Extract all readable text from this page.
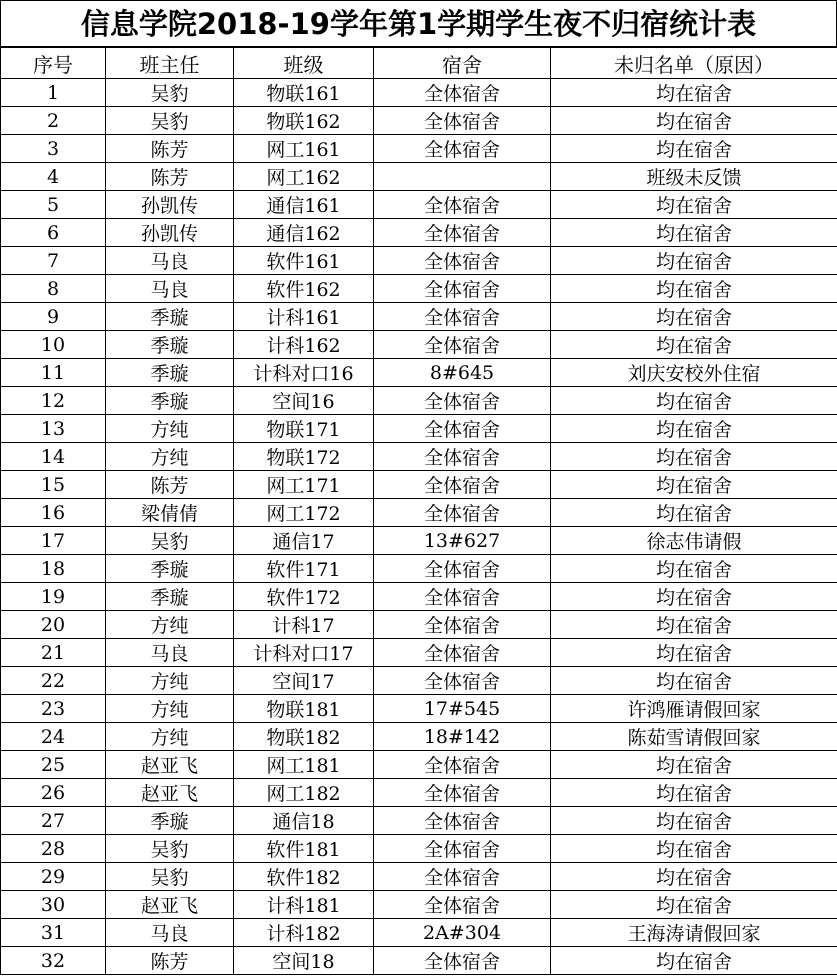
信息学院2018-19学年第1学期学生夜不归宿统计表
序号	班主任	班级	宿舍	未归名单（原因）
1	吴豹	物联161	全体宿舍	均在宿舍
2	吴豹	物联162	全体宿舍	均在宿舍
3	陈芳	网工161	全体宿舍	均在宿舍
4	陈芳	网工162		班级未反馈
5	孙凯传	通信161	全体宿舍	均在宿舍
6	孙凯传	通信162	全体宿舍	均在宿舍
7	马良	软件161	全体宿舍	均在宿舍
8	马良	软件162	全体宿舍	均在宿舍
9	季璇	计科161	全体宿舍	均在宿舍
10	季璇	计科162	全体宿舍	均在宿舍
11	季璇	计科对口16	8#645	刘庆安校外住宿
12	季璇	空间16	全体宿舍	均在宿舍
13	方纯	物联171	全体宿舍	均在宿舍
14	方纯	物联172	全体宿舍	均在宿舍
15	陈芳	网工171	全体宿舍	均在宿舍
16	梁倩倩	网工172	全体宿舍	均在宿舍
17	吴豹	通信17	13#627	徐志伟请假
18	季璇	软件171	全体宿舍	均在宿舍
19	季璇	软件172	全体宿舍	均在宿舍
20	方纯	计科17	全体宿舍	均在宿舍
21	马良	计科对口17	全体宿舍	均在宿舍
22	方纯	空间17	全体宿舍	均在宿舍
23	方纯	物联181	17#545	许鸿雁请假回家
24	方纯	物联182	18#142	陈茹雪请假回家
25	赵亚飞	网工181	全体宿舍	均在宿舍
26	赵亚飞	网工182	全体宿舍	均在宿舍
27	季璇	通信18	全体宿舍	均在宿舍
28	吴豹	软件181	全体宿舍	均在宿舍
29	吴豹	软件182	全体宿舍	均在宿舍
30	赵亚飞	计科181	全体宿舍	均在宿舍
31	马良	计科182	2A#304	王海涛请假回家
32	陈芳	空间18	全体宿舍	均在宿舍
